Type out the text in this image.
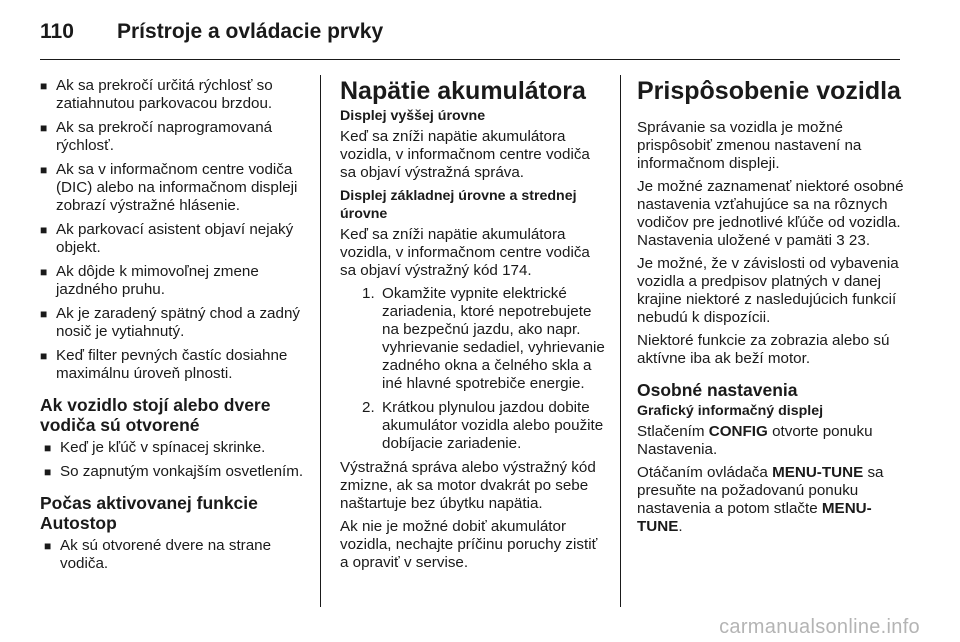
110 Prístroje a ovládacie prvky
■ Ak sa prekročí určitá rýchlosť so zatiahnutou parkovacou brzdou.
■ Ak sa prekročí naprogramovaná rýchlosť.
■ Ak sa v informačnom centre vodiča (DIC) alebo na informačnom displeji zobrazí výstražné hlásenie.
■ Ak parkovací asistent objaví nejaký objekt.
■ Ak dôjde k mimovoľnej zmene jazdného pruhu.
■ Ak je zaradený spätný chod a zadný nosič je vytiahnutý.
■ Keď filter pevných častíc dosiahne maximálnu úroveň plnosti.
Ak vozidlo stojí alebo dvere vodiča sú otvorené
■ Keď je kľúč v spínacej skrinke.
■ So zapnutým vonkajším osvetlením.
Počas aktivovanej funkcie Autostop
■ Ak sú otvorené dvere na strane vodiča.
Napätie akumulátora
Displej vyššej úrovne

Keď sa zníži napätie akumulátora vozidla, v informačnom centre vodiča sa objaví výstražná správa.

Displej základnej úrovne a strednej úrovne

Keď sa zníži napätie akumulátora vozidla, v informačnom centre vodiča sa objaví výstražný kód 174.

1. Okamžite vypnite elektrické zariadenia, ktoré nepotrebujete na bezpečnú jazdu, ako napr. vyhrievanie sedadiel, vyhrievanie zadného okna a čelného skla a iné hlavné spotrebiče energie.
2. Krátkou plynulou jazdou dobite akumulátor vozidla alebo použite dobíjacie zariadenie.

Výstražná správa alebo výstražný kód zmizne, ak sa motor dvakrát po sebe naštartuje bez úbytku napätia.

Ak nie je možné dobiť akumulátor vozidla, nechajte príčinu poruchy zistiť a opraviť v servise.

Prispôsobenie vozidla

Správanie sa vozidla je možné prispôsobiť zmenou nastavení na informačnom displeji.

Je možné zaznamenať niektoré osobné nastavenia vzťahujúce sa na rôznych vodičov pre jednotlivé kľúče od vozidla. Nastavenia uložené v pamäti 3 23.

Je možné, že v závislosti od vybavenia vozidla a predpisov platných v danej krajine niektoré z nasledujúcich funkcií nebudú k dispozícii.

Niektoré funkcie za zobrazia alebo sú aktívne iba ak beží motor.

Osobné nastavenia
Grafický informačný displej

Stlačením CONFIG otvorte ponuku Nastavenia.

Otáčaním ovládača MENU-TUNE sa presuňte na požadovanú ponuku nastavenia a potom stlačte MENU-TUNE.

carmanualsonline.info
